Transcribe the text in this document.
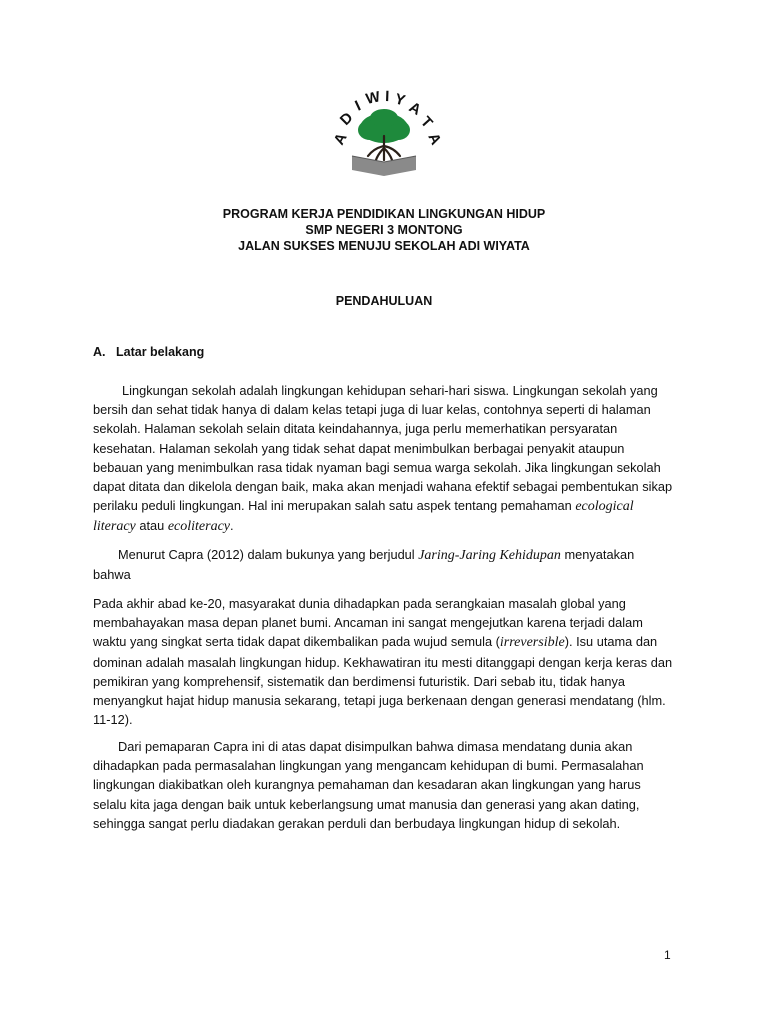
A
D
I W I Y
A
T
A
PROGRAM KERJA PENDIDIKAN LINGKUNGAN HIDUP
SMP NEGERI 3 MONTONG
JALAN SUKSES MENUJU SEKOLAH ADI WIYATA
PENDAHULUAN
A. Latar belakang

Lingkungan sekolah adalah lingkungan kehidupan sehari-hari siswa. Lingkungan sekolah yang bersih dan sehat tidak hanya di dalam kelas tetapi juga di luar kelas, contohnya seperti di halaman sekolah. Halaman sekolah selain ditata keindahannya, juga perlu memerhatikan persyaratan kesehatan. Halaman sekolah yang tidak sehat dapat menimbulkan berbagai penyakit ataupun bebauan yang menimbulkan rasa tidak nyaman bagi semua warga sekolah. Jika lingkungan sekolah dapat ditata dan dikelola dengan baik, maka akan menjadi wahana efektif sebagai pembentukan sikap perilaku peduli lingkungan. Hal ini merupakan salah satu aspek tentang pemahaman ecological literacy atau ecoliteracy.

Menurut Capra (2012) dalam bukunya yang berjudul Jaring-Jaring Kehidupan menyatakan bahwa

Pada akhir abad ke-20, masyarakat dunia dihadapkan pada serangkaian masalah global yang membahayakan masa depan planet bumi. Ancaman ini sangat mengejutkan karena terjadi dalam waktu yang singkat serta tidak dapat dikembalikan pada wujud semula (irreversible). Isu utama dan dominan adalah masalah lingkungan hidup. Kekhawatiran itu mesti ditanggapi dengan kerja keras dan pemikiran yang komprehensif, sistematik dan berdimensi futuristik. Dari sebab itu, tidak hanya menyangkut hajat hidup manusia sekarang, tetapi juga berkenaan dengan generasi mendatang (hlm. 11-12).

Dari pemaparan Capra ini di atas dapat disimpulkan bahwa dimasa mendatang dunia akan dihadapkan pada permasalahan lingkungan yang mengancam kehidupan di bumi. Permasalahan lingkungan diakibatkan oleh kurangnya pemahaman dan kesadaran akan lingkungan yang harus selalu kita jaga dengan baik untuk keberlangsung umat manusia dan generasi yang akan dating, sehingga sangat perlu diadakan gerakan perduli dan berbudaya lingkungan hidup di sekolah.

1
